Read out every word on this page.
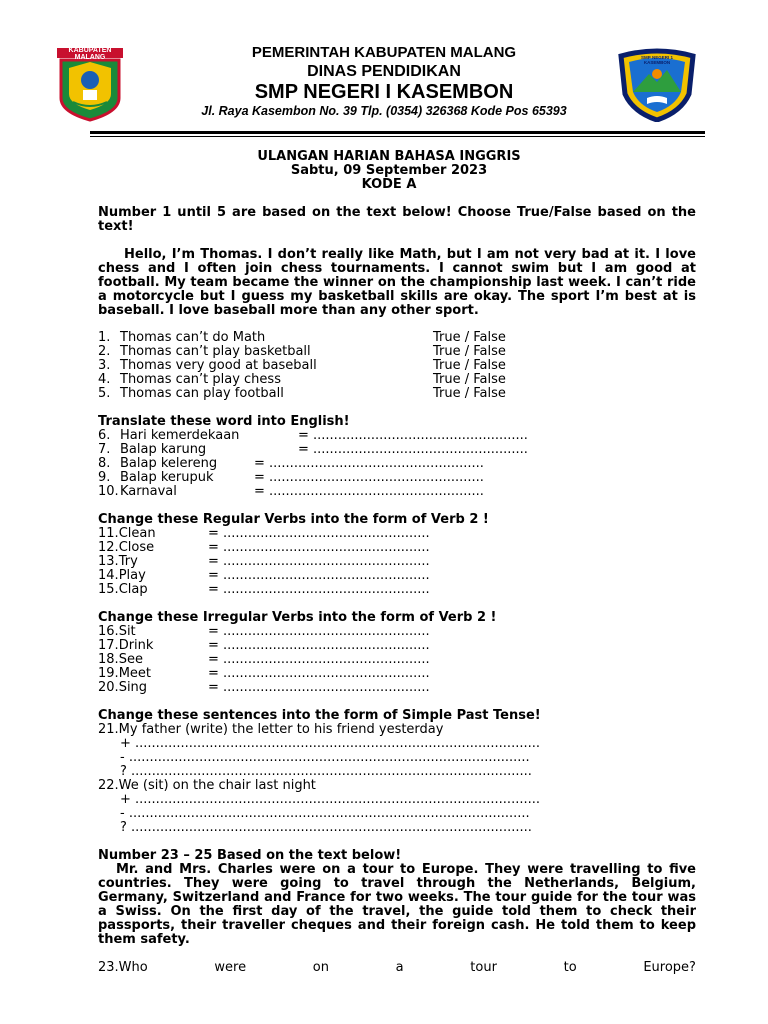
KABUPATEN MALANG	SMP NEGERI 1 KASEMBON
PEMERINTAH KABUPATEN MALANG
DINAS PENDIDIKAN
SMP NEGERI I KASEMBON
Jl. Raya Kasembon No. 39 Tlp. (0354) 326368 Kode Pos 65393
ULANGAN HARIAN BAHASA INGGRIS
Sabtu, 09 September 2023
KODE A
Number 1 until 5 are based on the text below! Choose True/False based on the text!
Hello, I’m Thomas. I don’t really like Math, but I am not very bad at it. I love chess and I often join chess tournaments. I cannot swim but I am good at football. My team became the winner on the championship last week. I can’t ride a motorcycle but I guess my basketball skills are okay. The sport I’m best at is baseball. I love baseball more than any other sport.
1. Thomas can’t do Math	True / False
2. Thomas can’t play basketball	True / False
3. Thomas very good at baseball	True / False
4. Thomas can’t play chess	True / False
5. Thomas can play football	True / False
Translate these word into English!
6. Hari kemerdekaan	= ....................................................
7. Balap karung	= ....................................................
8. Balap kelereng	= ....................................................
9. Balap kerupuk	= ....................................................
10.Karnaval	= ....................................................
Change these Regular Verbs into the form of Verb 2 !
11.Clean	= ..................................................
12.Close	= ..................................................
13.Try	= ..................................................
14.Play	= ..................................................
15.Clap	= ..................................................
Change these Irregular Verbs into the form of Verb 2 !
16.Sit	= ..................................................
17.Drink	= ..................................................
18.See	= ..................................................
19.Meet	= ..................................................
20.Sing	= ..................................................
Change these sentences into the form of Simple Past Tense!
21.My father (write) the letter to his friend yesterday
+ ..................................................................................................
- .................................................................................................
? .................................................................................................
22.We (sit) on the chair last night
+ ..................................................................................................
- .................................................................................................
? .................................................................................................
Number 23 – 25 Based on the text below!
Mr. and Mrs. Charles were on a tour to Europe. They were travelling to five countries. They were going to travel through the Netherlands, Belgium, Germany, Switzerland and France for two weeks. The tour guide for the tour was a Swiss. On the first day of the travel, the guide told them to check their passports, their traveller cheques and their foreign cash. He told them to keep them safety.
23.Who	were	on	a	tour	to	Europe?
